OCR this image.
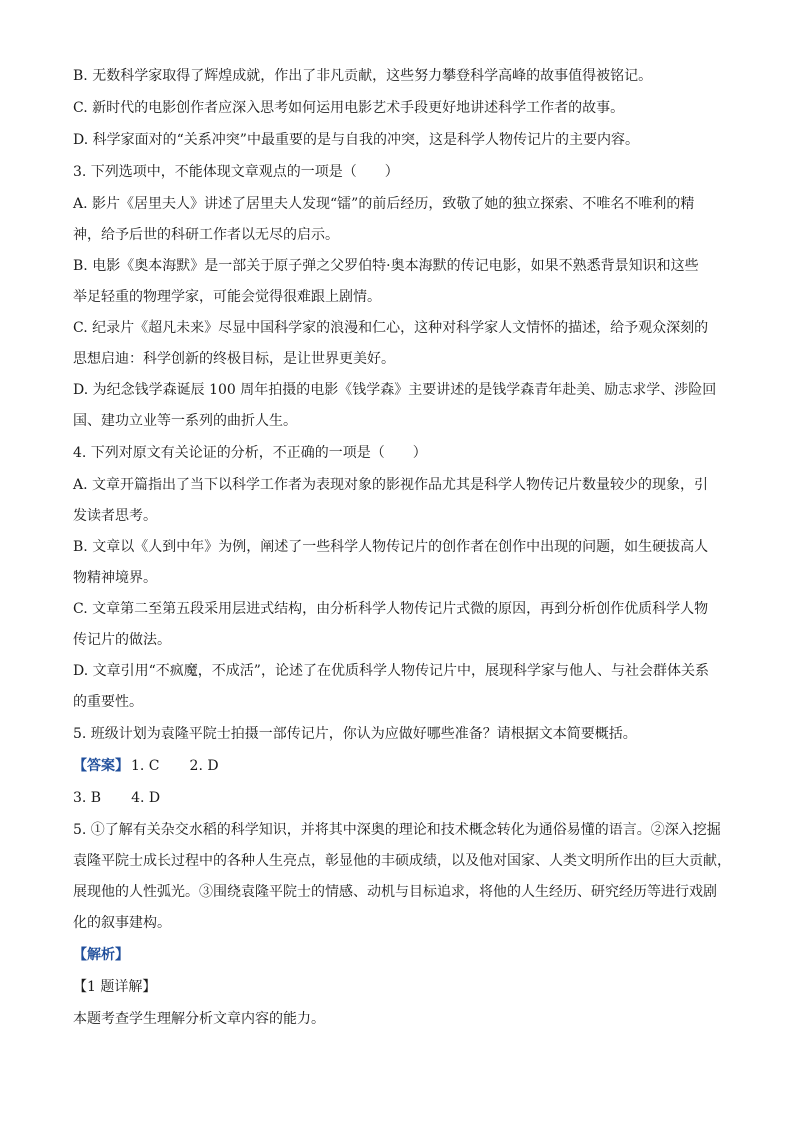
B. 无数科学家取得了辉煌成就，作出了非凡贡献，这些努力攀登科学高峰的故事值得被铭记。
C. 新时代的电影创作者应深入思考如何运用电影艺术手段更好地讲述科学工作者的故事。
D. 科学家面对的“关系冲突”中最重要的是与自我的冲突，这是科学人物传记片的主要内容。
3. 下列选项中，不能体现文章观点的一项是（　　）
A. 影片《居里夫人》讲述了居里夫人发现“镭”的前后经历，致敬了她的独立探索、不唯名不唯利的精
神，给予后世的科研工作者以无尽的启示。
B. 电影《奥本海默》是一部关于原子弹之父罗伯特·奥本海默的传记电影，如果不熟悉背景知识和这些
举足轻重的物理学家，可能会觉得很难跟上剧情。
C. 纪录片《超凡未来》尽显中国科学家的浪漫和仁心，这种对科学家人文情怀的描述，给予观众深刻的
思想启迪：科学创新的终极目标，是让世界更美好。
D. 为纪念钱学森诞辰 100 周年拍摄的电影《钱学森》主要讲述的是钱学森青年赴美、励志求学、涉险回
国、建功立业等一系列的曲折人生。
4. 下列对原文有关论证的分析，不正确的一项是（　　）
A. 文章开篇指出了当下以科学工作者为表现对象的影视作品尤其是科学人物传记片数量较少的现象，引
发读者思考。
B. 文章以《人到中年》为例，阐述了一些科学人物传记片的创作者在创作中出现的问题，如生硬拔高人
物精神境界。
C. 文章第二至第五段采用层进式结构，由分析科学人物传记片式微的原因，再到分析创作优质科学人物
传记片的做法。
D. 文章引用“不疯魔，不成活”，论述了在优质科学人物传记片中，展现科学家与他人、与社会群体关系
的重要性。
5. 班级计划为袁隆平院士拍摄一部传记片，你认为应做好哪些准备？请根据文本简要概括。
【答案】 1. C 2. D
3. B 4. D
5. ①了解有关杂交水稻的科学知识，并将其中深奥的理论和技术概念转化为通俗易懂的语言。②深入挖掘
袁隆平院士成长过程中的各种人生亮点，彰显他的丰硕成绩，以及他对国家、人类文明所作出的巨大贡献，
展现他的人性弧光。③围绕袁隆平院士的情感、动机与目标追求，将他的人生经历、研究经历等进行戏剧
化的叙事建构。
【解析】
【1 题详解】
本题考查学生理解分析文章内容的能力。
